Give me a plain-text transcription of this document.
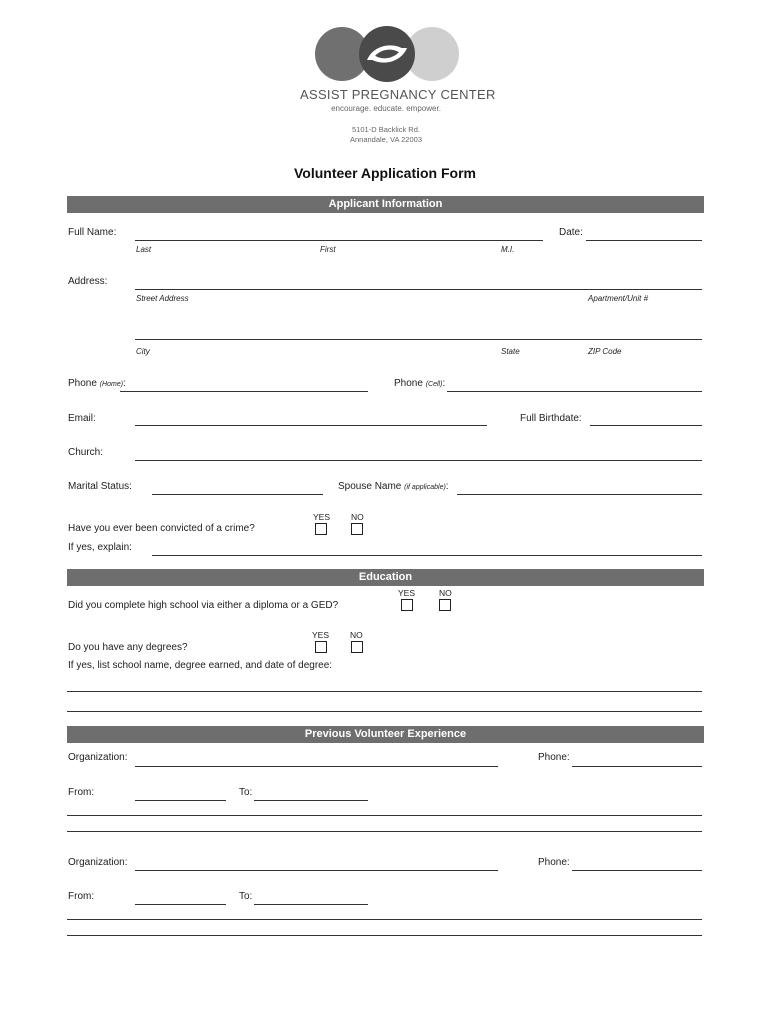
ASSIST PREGNANCY CENTER
encourage. educate. empower.
5101-D Backlick Rd.
Annandale, VA 22003
Volunteer Application Form
Applicant Information
Full Name:	Date:
Last	First	M.I.
Address:
Street Address	Apartment/Unit #
City	State	ZIP Code
Phone (Home):	Phone (Cell):
Email:	Full Birthdate:
Church:
Marital Status:	Spouse Name (if applicable):
YES NO
Have you ever been convicted of a crime?
If yes, explain:
Education
YES	NO
Did you complete high school via either a diploma or a GED?
YES NO
Do you have any degrees?
If yes, list school name, degree earned, and date of degree:
Previous Volunteer Experience
Organization:	Phone:
From:	To:
Organization:	Phone:
From:	To:
